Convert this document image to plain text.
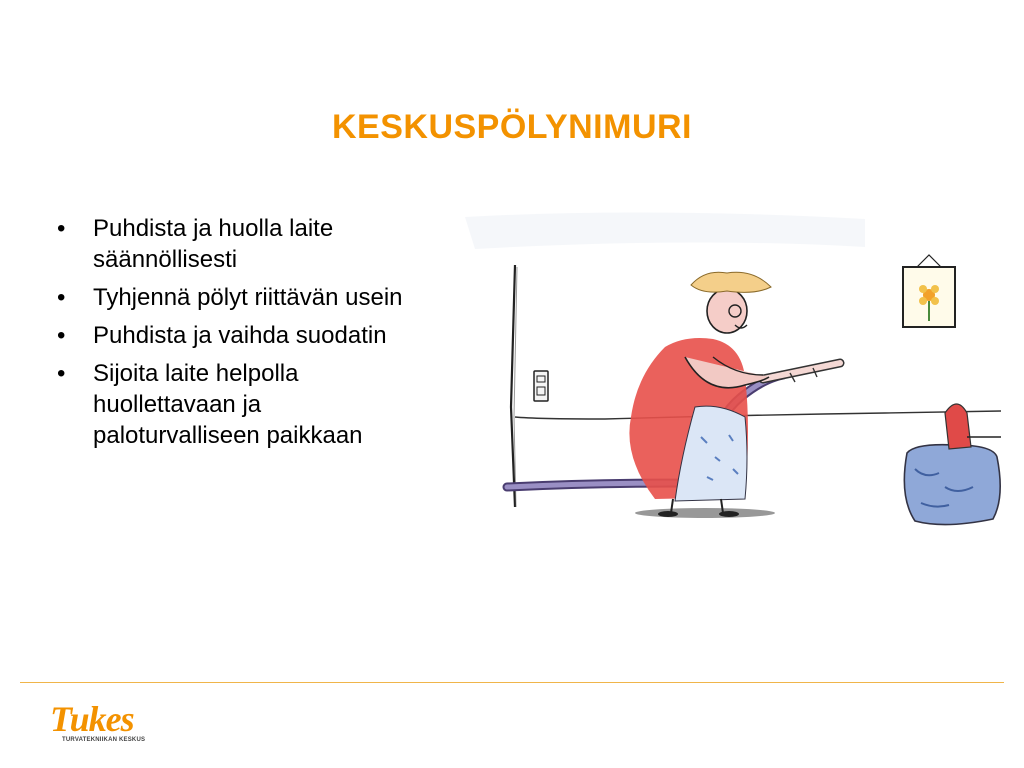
KESKUSPÖLYNIMURI
• Puhdista ja huolla laite säännöllisesti
• Tyhjennä pölyt riittävän usein
• Puhdista ja vaihda suodatin
• Sijoita laite helpolla huollettavaan ja paloturvalliseen paikkaan
Tukes
TURVATEKNIIKAN KESKUS
